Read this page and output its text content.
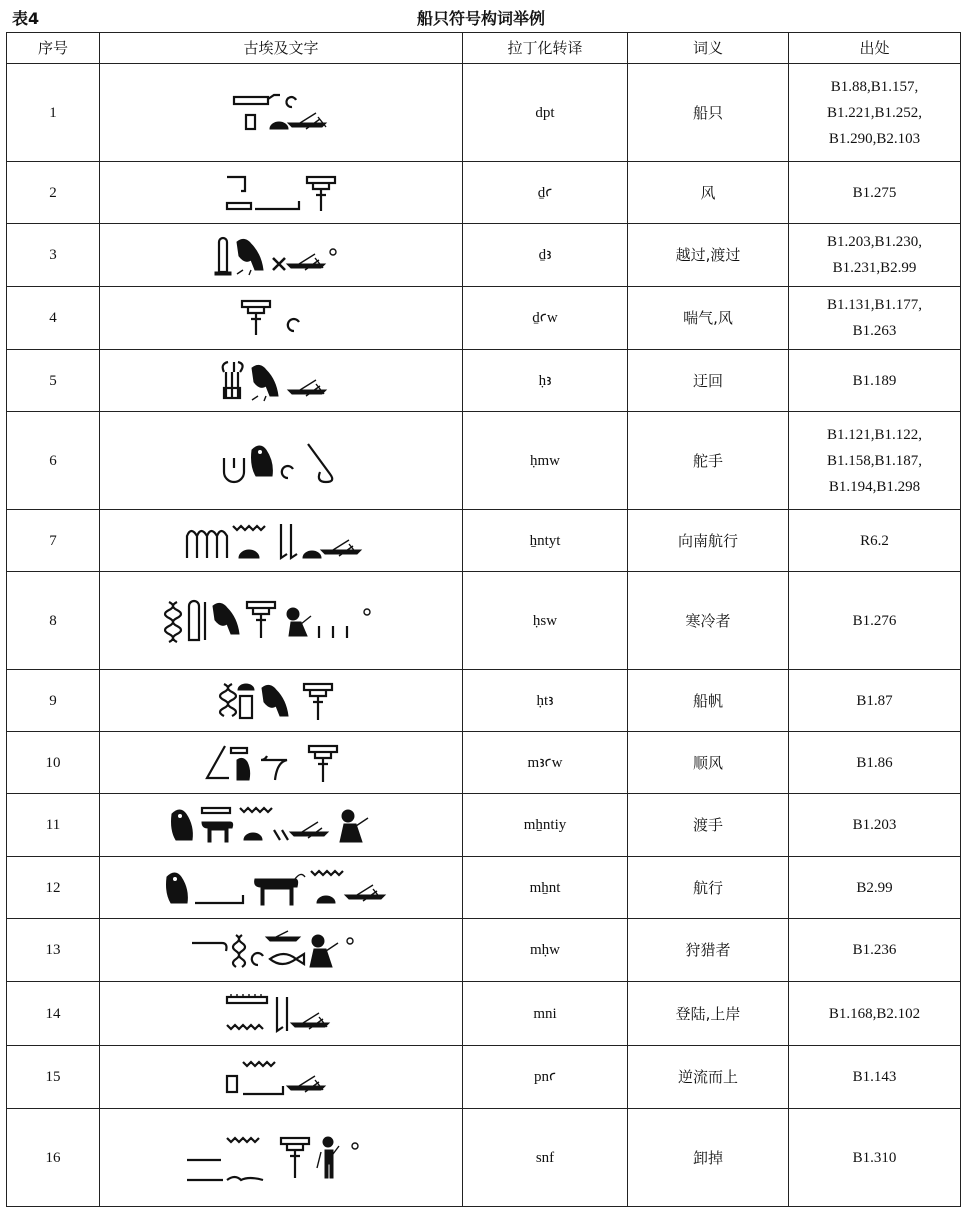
表4	船只符号构词举例
序号	古埃及文字	拉丁化转译	词义	出处
1		dpt	船只	B1.88,B1.157,
B1.221,B1.252,
B1.290,B2.103

2		ḏꜥ	风	B1.275
3		ḏꜣ	越过,渡过	B1.203,B1.230,
B1.231,B2.99

4		ḏꜥw	喘气,风	B1.131,B1.177,
B1.263

5		ḥꜣ	迂回	B1.189
6		ḥmw	舵手	B1.121,B1.122,
B1.158,B1.187,
B1.194,B1.298

7		ẖntyt	向南航行	R6.2
8		ḥsw	寒冷者	B1.276
9		ḥtꜣ	船帆	B1.87
10		mꜣꜥw	顺风	B1.86
11		mẖntiy	渡手	B1.203
12		mẖnt	航行	B2.99
13		mḥw	狩猎者	B1.236
14		mni	登陆,上岸	B1.168,B2.102

15		pnꜥ	逆流而上	B1.143
16		snf	卸掉	B1.310
